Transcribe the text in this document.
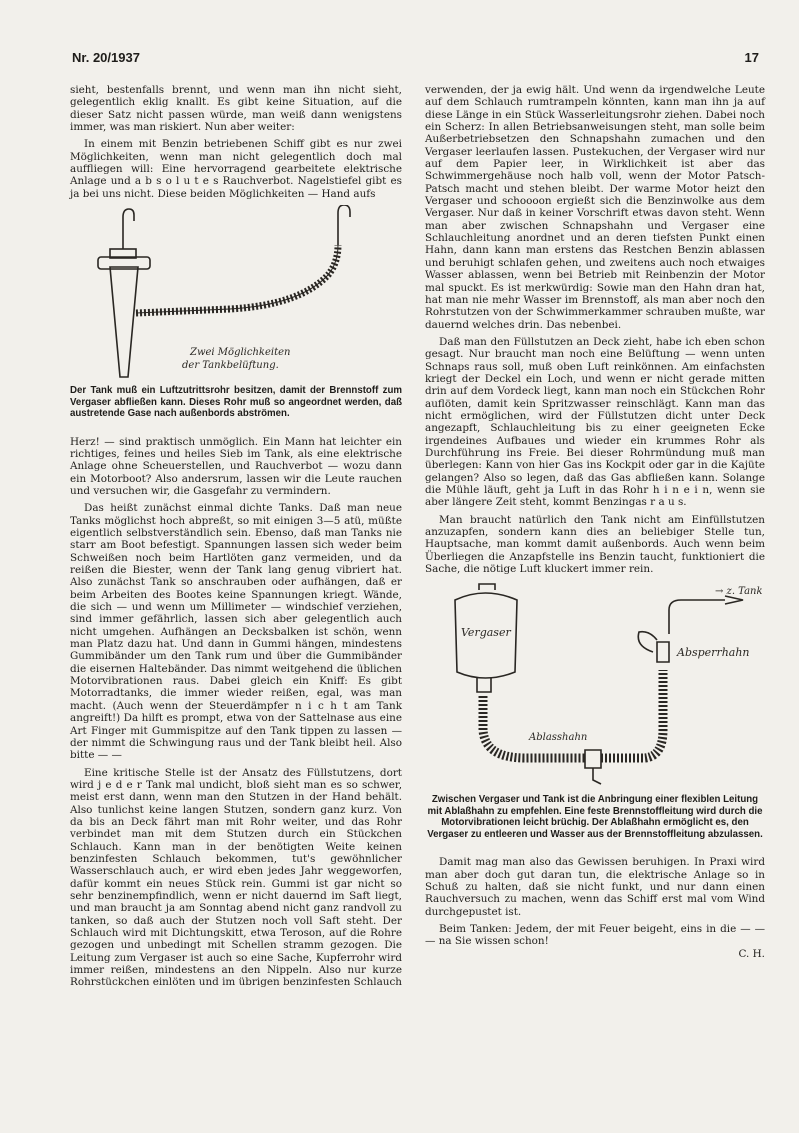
Nr. 20/1937	17

sieht, bestenfalls brennt, und wenn man ihn nicht sieht, gelegentlich eklig knallt. Es gibt keine Situation, auf die dieser Satz nicht passen würde, man weiß dann wenigstens immer, was man riskiert. Nun aber weiter:

In einem mit Benzin betriebenen Schiff gibt es nur zwei Möglichkeiten, wenn man nicht gelegentlich doch mal auffliegen will: Eine hervorragend gearbeitete elektrische Anlage und a b s o l u t e s Rauchverbot. Nagelstiefel gibt es ja bei uns nicht. Diese beiden Möglichkeiten — Hand aufs

Zwei Möglichkeiten
der Tankbelüftung.
Der Tank muß ein Luftzutrittsrohr besitzen, damit der Brennstoff zum Vergaser abfließen kann. Dieses Rohr muß so angeordnet werden, daß austretende Gase nach außenbords abströmen.

Herz! — sind praktisch unmöglich. Ein Mann hat leichter ein richtiges, feines und heiles Sieb im Tank, als eine elektrische Anlage ohne Scheuerstellen, und Rauchverbot — wozu dann ein Motorboot? Also andersrum, lassen wir die Leute rauchen und versuchen wir, die Gasgefahr zu vermindern.

Das heißt zunächst einmal dichte Tanks. Daß man neue Tanks möglichst hoch abpreßt, so mit einigen 3—5 atü, müßte eigentlich selbstverständlich sein. Ebenso, daß man Tanks nie starr am Boot befestigt. Spannungen lassen sich weder beim Schweißen noch beim Hartlöten ganz vermeiden, und da reißen die Biester, wenn der Tank lang genug vibriert hat. Also zunächst Tank so anschrauben oder aufhängen, daß er beim Arbeiten des Bootes keine Spannungen kriegt. Wände, die sich — und wenn um Millimeter — windschief verziehen, sind immer gefährlich, lassen sich aber gelegentlich auch nicht umgehen. Aufhängen an Decksbalken ist schön, wenn man Platz dazu hat. Und dann in Gummi hängen, mindestens Gummibänder um den Tank rum und über die Gummibänder die eisernen Haltebänder. Das nimmt weitgehend die üblichen Motorvibrationen raus. Dabei gleich ein Kniff: Es gibt Motorradtanks, die immer wieder reißen, egal, was man macht. (Auch wenn der Steuerdämpfer n i c h t am Tank angreift!) Da hilft es prompt, etwa von der Sattelnase aus eine Art Finger mit Gummispitze auf den Tank tippen zu lassen — der nimmt die Schwingung raus und der Tank bleibt heil. Also bitte — —

Eine kritische Stelle ist der Ansatz des Füllstutzens, dort wird j e d e r Tank mal undicht, bloß sieht man es so schwer, meist erst dann, wenn man den Stutzen in der Hand behält. Also tunlichst keine langen Stutzen, sondern ganz kurz. Von da bis an Deck fährt man mit Rohr weiter, und das Rohr verbindet man mit dem Stutzen durch ein Stückchen Schlauch. Kann man in der benötigten Weite keinen benzinfesten Schlauch bekommen, tut's gewöhnlicher Wasserschlauch auch, er wird eben jedes Jahr weggeworfen, dafür kommt ein neues Stück rein. Gummi ist gar nicht so sehr benzinempfindlich, wenn er nicht dauernd im Saft liegt, und man braucht ja am Sonntag abend nicht ganz randvoll zu tanken, so daß auch der Stutzen noch voll Saft steht. Der Schlauch wird mit Dichtungskitt, etwa Teroson, auf die Rohre gezogen und unbedingt mit Schellen stramm gezogen. Die Leitung zum Vergaser ist auch so eine Sache, Kupferrohr wird immer reißen, mindestens an den Nippeln. Also nur kurze Rohrstückchen einlöten und im übrigen benzinfesten Schlauch

verwenden, der ja ewig hält. Und wenn da irgendwelche Leute auf dem Schlauch rumtrampeln könnten, kann man ihn ja auf diese Länge in ein Stück Wasserleitungsrohr ziehen. Dabei noch ein Scherz: In allen Betriebsanweisungen steht, man solle beim Außerbetriebsetzen den Schnapshahn zumachen und den Vergaser leerlaufen lassen. Pustekuchen, der Vergaser wird nur auf dem Papier leer, in Wirklichkeit ist aber das Schwimmergehäuse noch halb voll, wenn der Motor Patsch-Patsch macht und stehen bleibt. Der warme Motor heizt den Vergaser und schoooon ergießt sich die Benzinwolke aus dem Vergaser. Nur daß in keiner Vorschrift etwas davon steht. Wenn man aber zwischen Schnapshahn und Vergaser eine Schlauchleitung anordnet und an deren tiefsten Punkt einen Hahn, dann kann man erstens das Restchen Benzin ablassen und beruhigt schlafen gehen, und zweitens auch noch etwaiges Wasser ablassen, wenn bei Betrieb mit Reinbenzin der Motor mal spuckt. Es ist merkwürdig: Sowie man den Hahn dran hat, hat man nie mehr Wasser im Brennstoff, als man aber noch den Rohrstutzen von der Schwimmerkammer schrauben mußte, war dauernd welches drin. Das nebenbei.

Daß man den Füllstutzen an Deck zieht, habe ich eben schon gesagt. Nur braucht man noch eine Belüftung — wenn unten Schnaps raus soll, muß oben Luft reinkönnen. Am einfachsten kriegt der Deckel ein Loch, und wenn er nicht gerade mitten drin auf dem Vordeck liegt, kann man noch ein Stückchen Rohr auflöten, damit kein Spritzwasser reinschlägt. Kann man das nicht ermöglichen, wird der Füllstutzen dicht unter Deck angezapft, Schlauchleitung bis zu einer geeigneten Ecke irgendeines Aufbaues und wieder ein krummes Rohr als Durchführung ins Freie. Bei dieser Rohrmündung muß man überlegen: Kann von hier Gas ins Kockpit oder gar in die Kajüte gelangen? Also so legen, daß das Gas abfließen kann. Solange die Mühle läuft, geht ja Luft in das Rohr h i n e i n, wenn sie aber längere Zeit steht, kommt Benzingas r a u s.

Man braucht natürlich den Tank nicht am Einfüllstutzen anzuzapfen, sondern kann dies an beliebiger Stelle tun, Hauptsache, man kommt damit außenbords. Auch wenn beim Überliegen die Anzapfstelle ins Benzin taucht, funktioniert die Sache, die nötige Luft kluckert immer rein.

Vergaser
→ z. Tank
Absperrhahn
Ablasshahn
Zwischen Vergaser und Tank ist die Anbringung einer flexiblen Leitung mit Ablaßhahn zu empfehlen. Eine feste Brennstoffleitung wird durch die Motorvibrationen leicht brüchig. Der Ablaßhahn ermöglicht es, den Vergaser zu entleeren und Wasser aus der Brennstoffleitung abzulassen.

Damit mag man also das Gewissen beruhigen. In Praxi wird man aber doch gut daran tun, die elektrische Anlage so in Schuß zu halten, daß sie nicht funkt, und nur dann einen Rauchversuch zu machen, wenn das Schiff erst mal vom Wind durchgepustet ist.

Beim Tanken: Jedem, der mit Feuer beigeht, eins in die — — — na Sie wissen schon!

C. H.
